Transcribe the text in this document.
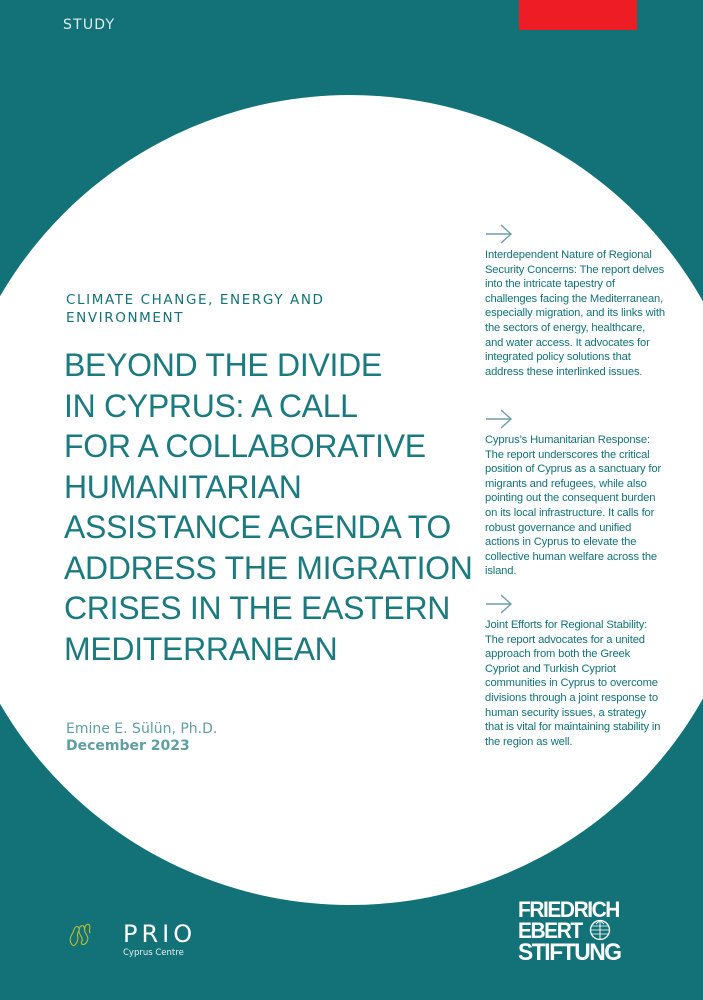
STUDY
CLIMATE CHANGE, ENERGY AND ENVIRONMENT
BEYOND THE DIVIDE
IN CYPRUS: A CALL
FOR A COLLABORATIVE
HUMANITARIAN
ASSISTANCE AGENDA TO
ADDRESS THE MIGRATION
CRISES IN THE EASTERN
MEDITERRANEAN
Emine E. Sülün, Ph.D.
December 2023

Interdependent Nature of Regional Security Concerns: The report delves into the intricate tapestry of challenges facing the Mediterranean, especially migration, and its links with the sectors of energy, healthcare, and water access. It advocates for integrated policy solutions that address these interlinked issues.

Cyprus’s Humanitarian Response: The report underscores the critical position of Cyprus as a sanctuary for migrants and refugees, while also pointing out the consequent burden on its local infrastructure. It calls for robust governance and unified actions in Cyprus to elevate the collective human welfare across the island.

Joint Efforts for Regional Stability: The report advocates for a united approach from both the Greek Cypriot and Turkish Cypriot communities in Cyprus to overcome divisions through a joint response to human security issues, a strategy that is vital for maintaining stability in the region as well.

PRIO
Cyprus Centre
FRIEDRICH
EBERT
STIFTUNG
